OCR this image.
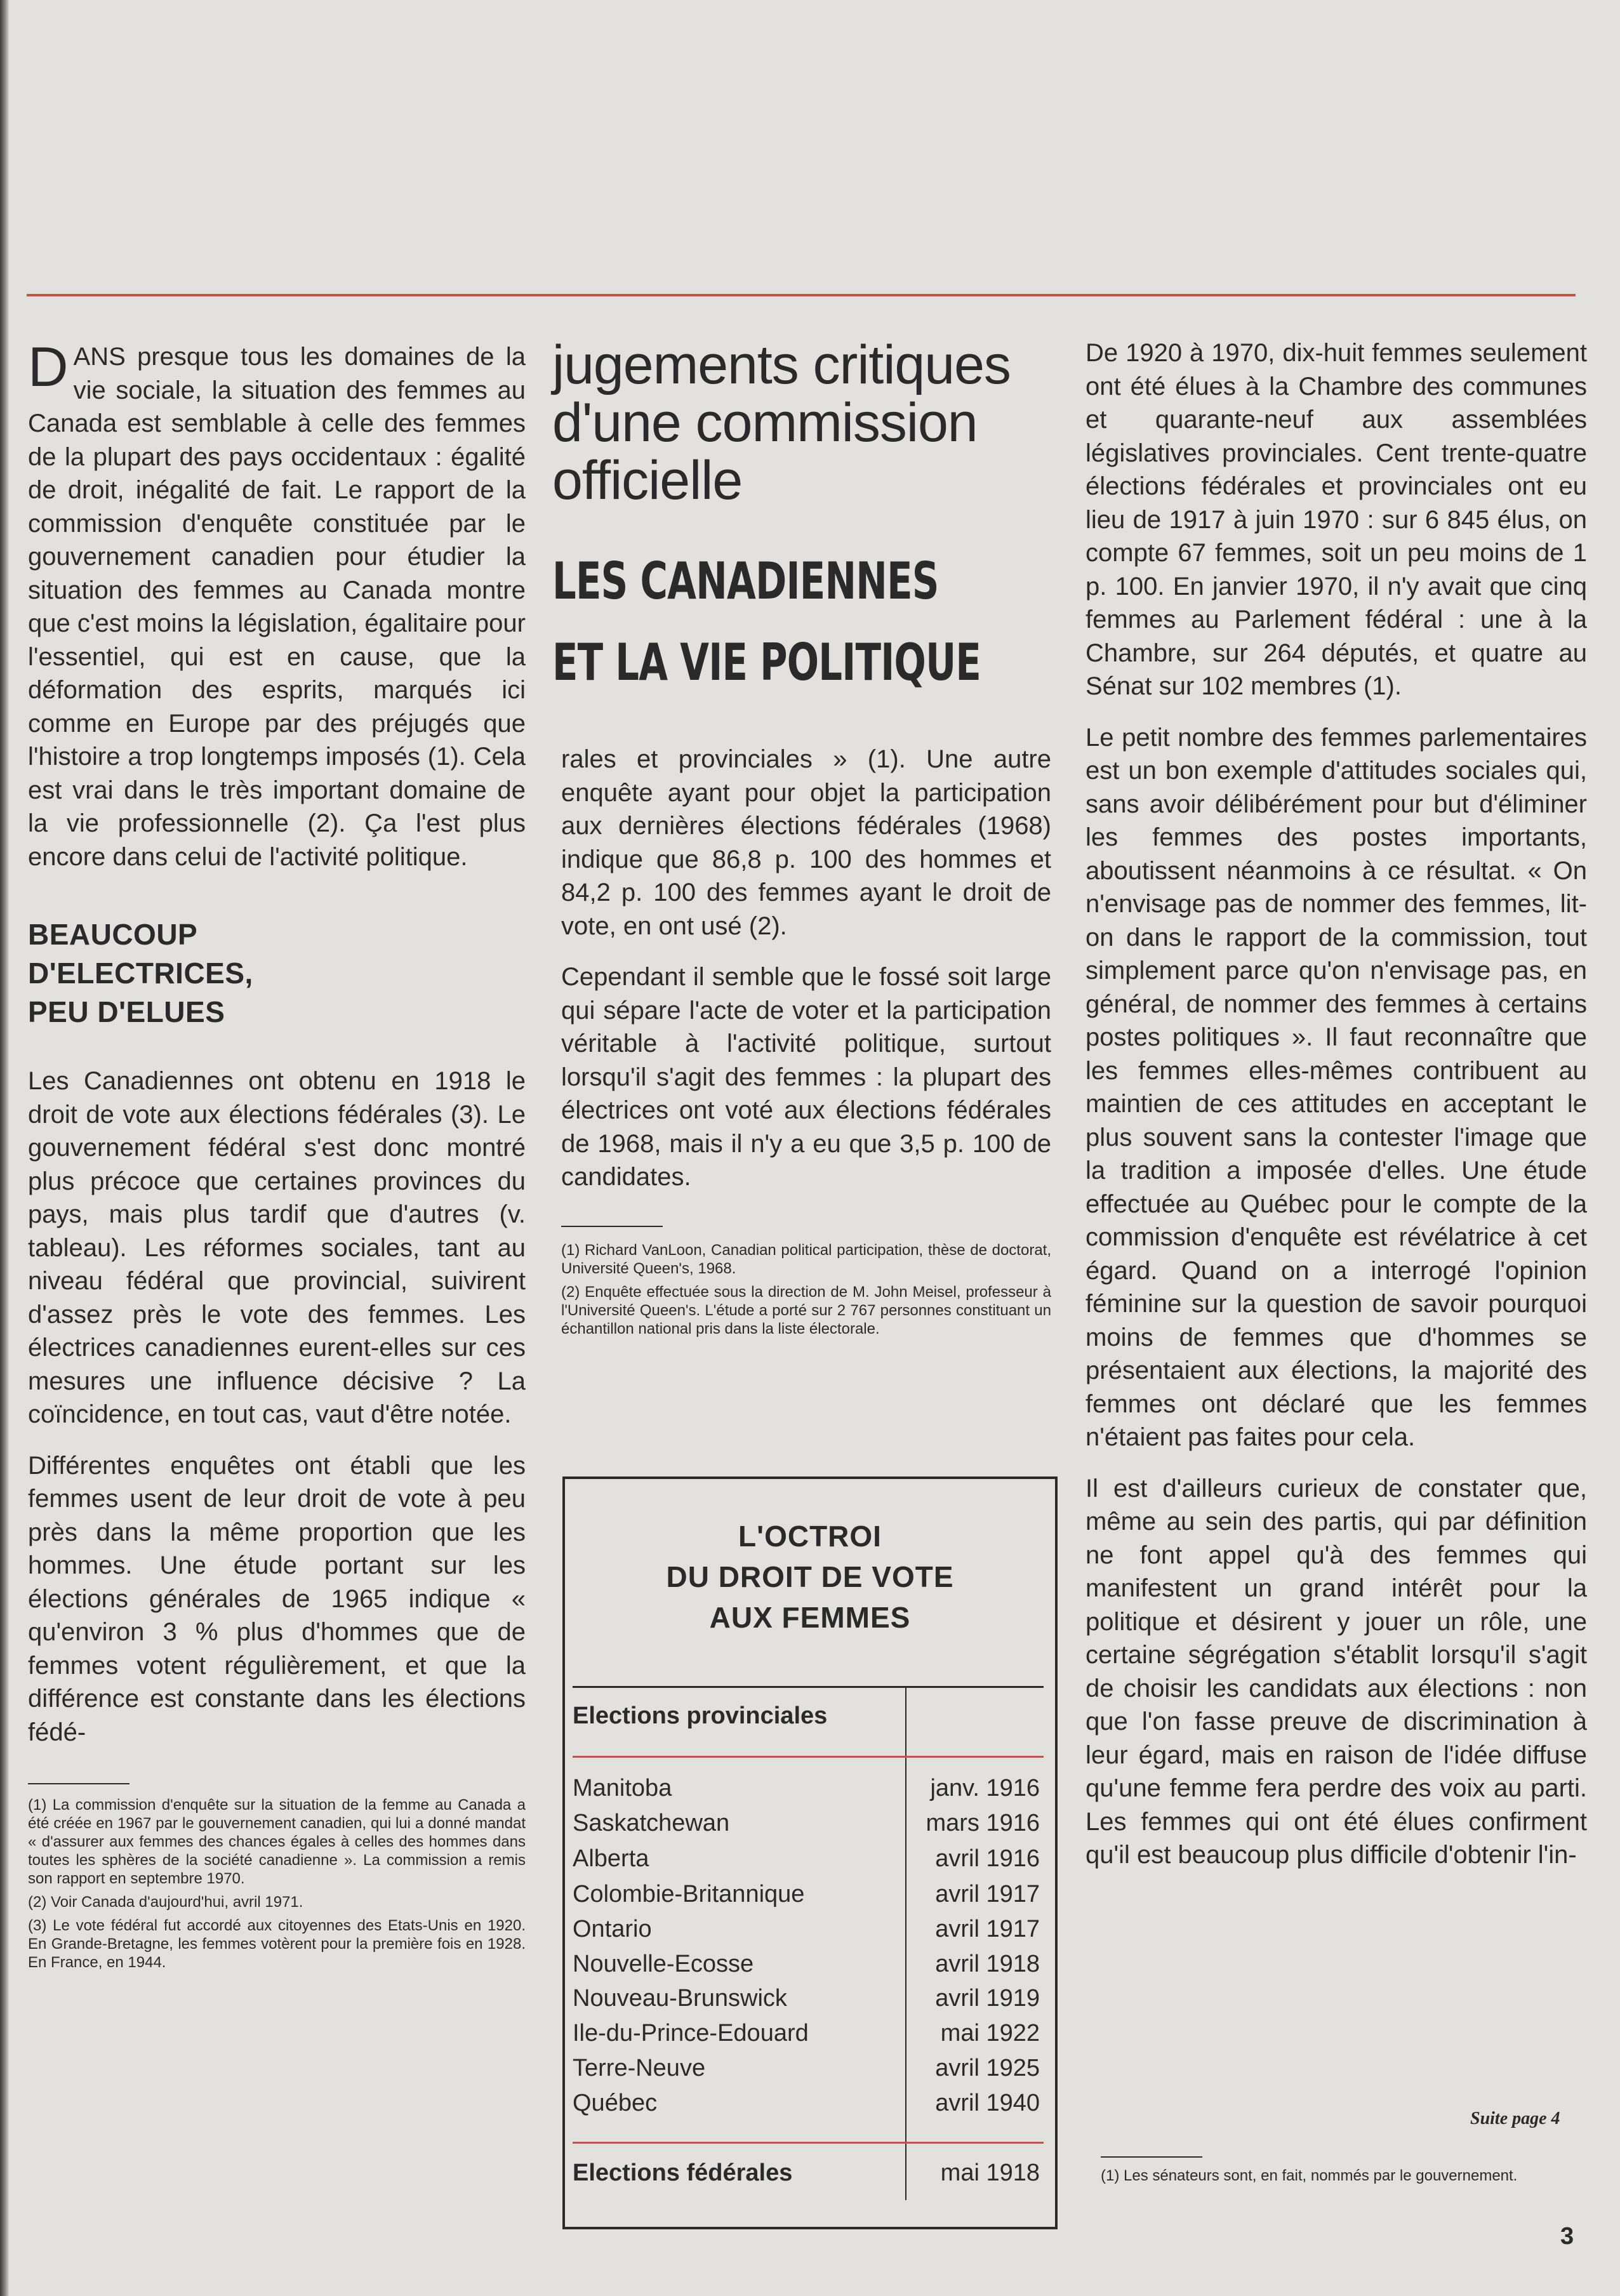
DANS presque tous les domaines de la vie sociale, la situation des femmes au Canada est semblable à celle des femmes de la plupart des pays occidentaux : égalité de droit, inégalité de fait. Le rapport de la commission d'enquête constituée par le gouvernement canadien pour étudier la situation des femmes au Canada montre que c'est moins la législation, égalitaire pour l'essentiel, qui est en cause, que la déformation des esprits, marqués ici comme en Europe par des préjugés que l'histoire a trop longtemps imposés (1). Cela est vrai dans le très important domaine de la vie professionnelle (2). Ça l'est plus encore dans celui de l'activité politique.

BEAUCOUP
D'ELECTRICES,
PEU D'ELUES

Les Canadiennes ont obtenu en 1918 le droit de vote aux élections fédérales (3). Le gouvernement fédéral s'est donc montré plus précoce que certaines provinces du pays, mais plus tardif que d'autres (v. tableau). Les réformes sociales, tant au niveau fédéral que provincial, suivirent d'assez près le vote des femmes. Les électrices canadiennes eurent-elles sur ces mesures une influence décisive ? La coïncidence, en tout cas, vaut d'être notée.

Différentes enquêtes ont établi que les femmes usent de leur droit de vote à peu près dans la même proportion que les hommes. Une étude portant sur les élections générales de 1965 indique « qu'environ 3 % plus d'hommes que de femmes votent régulièrement, et que la différence est constante dans les élections fédé-

(1) La commission d'enquête sur la situation de la femme au Canada a été créée en 1967 par le gouvernement canadien, qui lui a donné mandat « d'assurer aux femmes des chances égales à celles des hommes dans toutes les sphères de la société canadienne ». La commission a remis son rapport en septembre 1970.

(2) Voir Canada d'aujourd'hui, avril 1971.

(3) Le vote fédéral fut accordé aux citoyennes des Etats-Unis en 1920. En Grande-Bretagne, les femmes votèrent pour la première fois en 1928. En France, en 1944.

jugements critiques
d'une commission
officielle
LES CANADIENNES
ET LA VIE POLITIQUE

rales et provinciales » (1). Une autre enquête ayant pour objet la participation aux dernières élections fédérales (1968) indique que 86,8 p. 100 des hommes et 84,2 p. 100 des femmes ayant le droit de vote, en ont usé (2).

Cependant il semble que le fossé soit large qui sépare l'acte de voter et la participation véritable à l'activité politique, surtout lorsqu'il s'agit des femmes : la plupart des électrices ont voté aux élections fédérales de 1968, mais il n'y a eu que 3,5 p. 100 de candidates.

(1) Richard VanLoon, Canadian political participation, thèse de doctorat, Université Queen's, 1968.

(2) Enquête effectuée sous la direction de M. John Meisel, professeur à l'Université Queen's. L'étude a porté sur 2 767 personnes constituant un échantillon national pris dans la liste électorale.

L'OCTROI
DU DROIT DE VOTE
AUX FEMMES
Elections provinciales
Manitoba	janv. 1916
Saskatchewan	mars 1916
Alberta	avril 1916
Colombie-Britannique	avril 1917
Ontario	avril 1917
Nouvelle-Ecosse	avril 1918
Nouveau-Brunswick	avril 1919
Ile-du-Prince-Edouard	mai 1922
Terre-Neuve	avril 1925
Québec	avril 1940
Elections fédérales	mai 1918

De 1920 à 1970, dix-huit femmes seulement ont été élues à la Chambre des communes et quarante-neuf aux assemblées législatives provinciales. Cent trente-quatre élections fédérales et provinciales ont eu lieu de 1917 à juin 1970 : sur 6 845 élus, on compte 67 femmes, soit un peu moins de 1 p. 100. En janvier 1970, il n'y avait que cinq femmes au Parlement fédéral : une à la Chambre, sur 264 députés, et quatre au Sénat sur 102 membres (1).

Le petit nombre des femmes parlementaires est un bon exemple d'attitudes sociales qui, sans avoir délibérément pour but d'éliminer les femmes des postes importants, aboutissent néanmoins à ce résultat. « On n'envisage pas de nommer des femmes, lit-on dans le rapport de la commission, tout simplement parce qu'on n'envisage pas, en général, de nommer des femmes à certains postes politiques ». Il faut reconnaître que les femmes elles-mêmes contribuent au maintien de ces attitudes en acceptant le plus souvent sans la contester l'image que la tradition a imposée d'elles. Une étude effectuée au Québec pour le compte de la commission d'enquête est révélatrice à cet égard. Quand on a interrogé l'opinion féminine sur la question de savoir pourquoi moins de femmes que d'hommes se présentaient aux élections, la majorité des femmes ont déclaré que les femmes n'étaient pas faites pour cela.

Il est d'ailleurs curieux de constater que, même au sein des partis, qui par définition ne font appel qu'à des femmes qui manifestent un grand intérêt pour la politique et désirent y jouer un rôle, une certaine ségrégation s'établit lorsqu'il s'agit de choisir les candidats aux élections : non que l'on fasse preuve de discrimination à leur égard, mais en raison de l'idée diffuse qu'une femme fera perdre des voix au parti. Les femmes qui ont été élues confirment qu'il est beaucoup plus difficile d'obtenir l'in-

Suite page 4

(1) Les sénateurs sont, en fait, nommés par le gouvernement.

3
